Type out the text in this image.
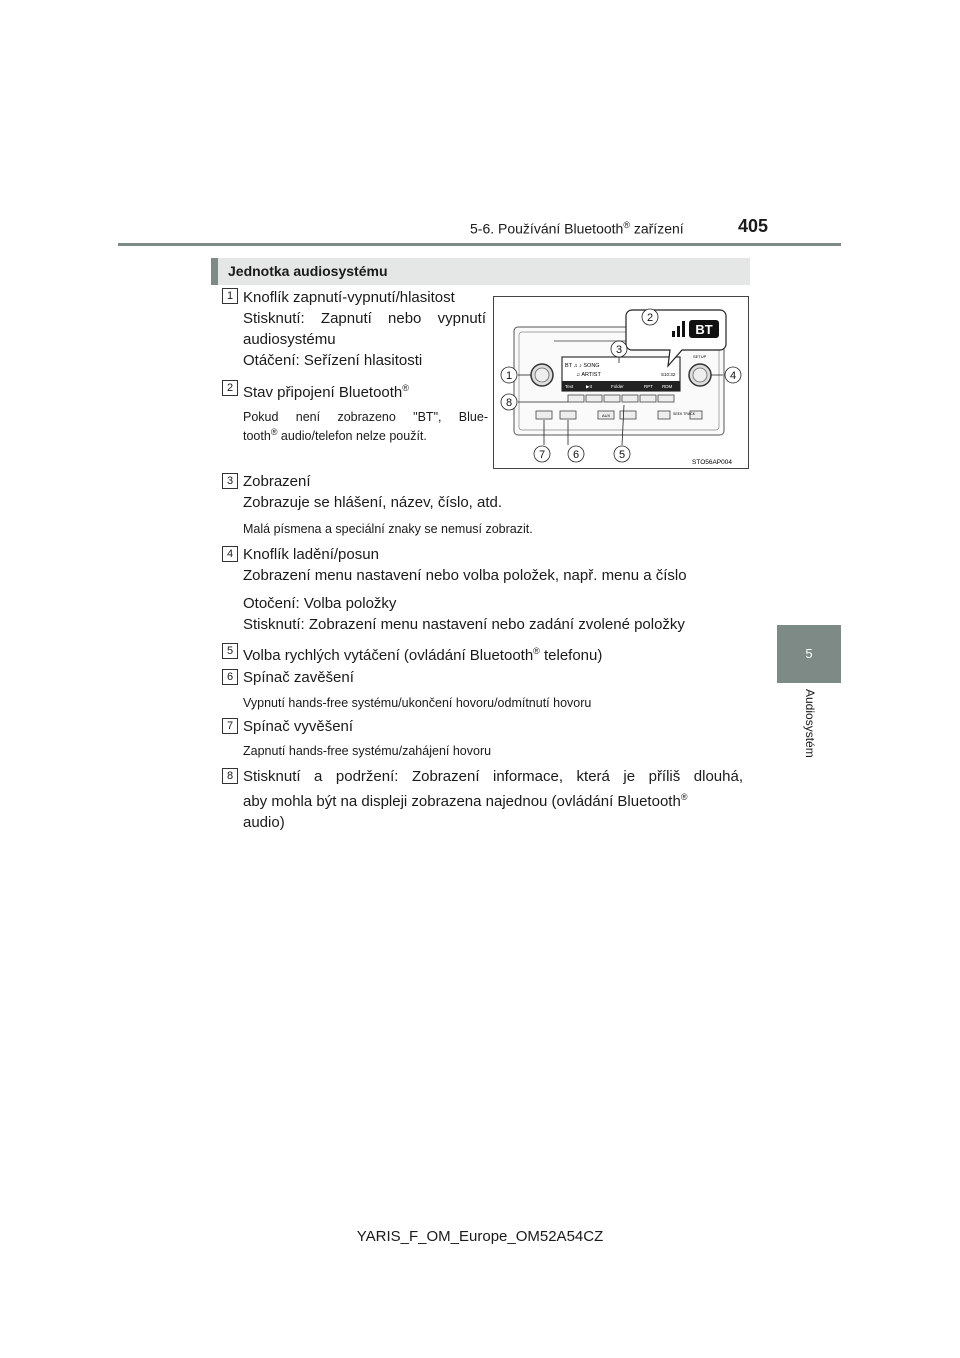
5-6. Používání Bluetooth® zařízení	405
5
Audiosystém
Jednotka audiosystému
1 Knoflík zapnutí-vypnutí/hlasitost
Stisknutí: Zapnutí nebo vypnutí
audiosystému
Otáčení: Seřízení hlasitosti
2 Stav připojení Bluetooth®
Pokud není zobrazeno "BT", Blue-
tooth® audio/telefon nelze použít.
BT ♫ ♪ SONG
♫ ARTIST	S10:32
Text	▶II	Folder	RPT RDM
SETUP
AUX	SEEK TRACK
BT
1
2
3
4
5
6
7
8
STO56AP004
3 Zobrazení
Zobrazuje se hlášení, název, číslo, atd.
Malá písmena a speciální znaky se nemusí zobrazit.
4 Knoflík ladění/posun
Zobrazení menu nastavení nebo volba položek, např. menu a číslo
Otočení: Volba položky
Stisknutí: Zobrazení menu nastavení nebo zadání zvolené položky
5 Volba rychlých vytáčení (ovládání Bluetooth® telefonu)
6 Spínač zavěšení
Vypnutí hands-free systému/ukončení hovoru/odmítnutí hovoru
7 Spínač vyvěšení
Zapnutí hands-free systému/zahájení hovoru
8 Stisknutí a podržení: Zobrazení informace, která je příliš dlouhá,
aby mohla být na displeji zobrazena najednou (ovládání Bluetooth®
audio)
YARIS_F_OM_Europe_OM52A54CZ
